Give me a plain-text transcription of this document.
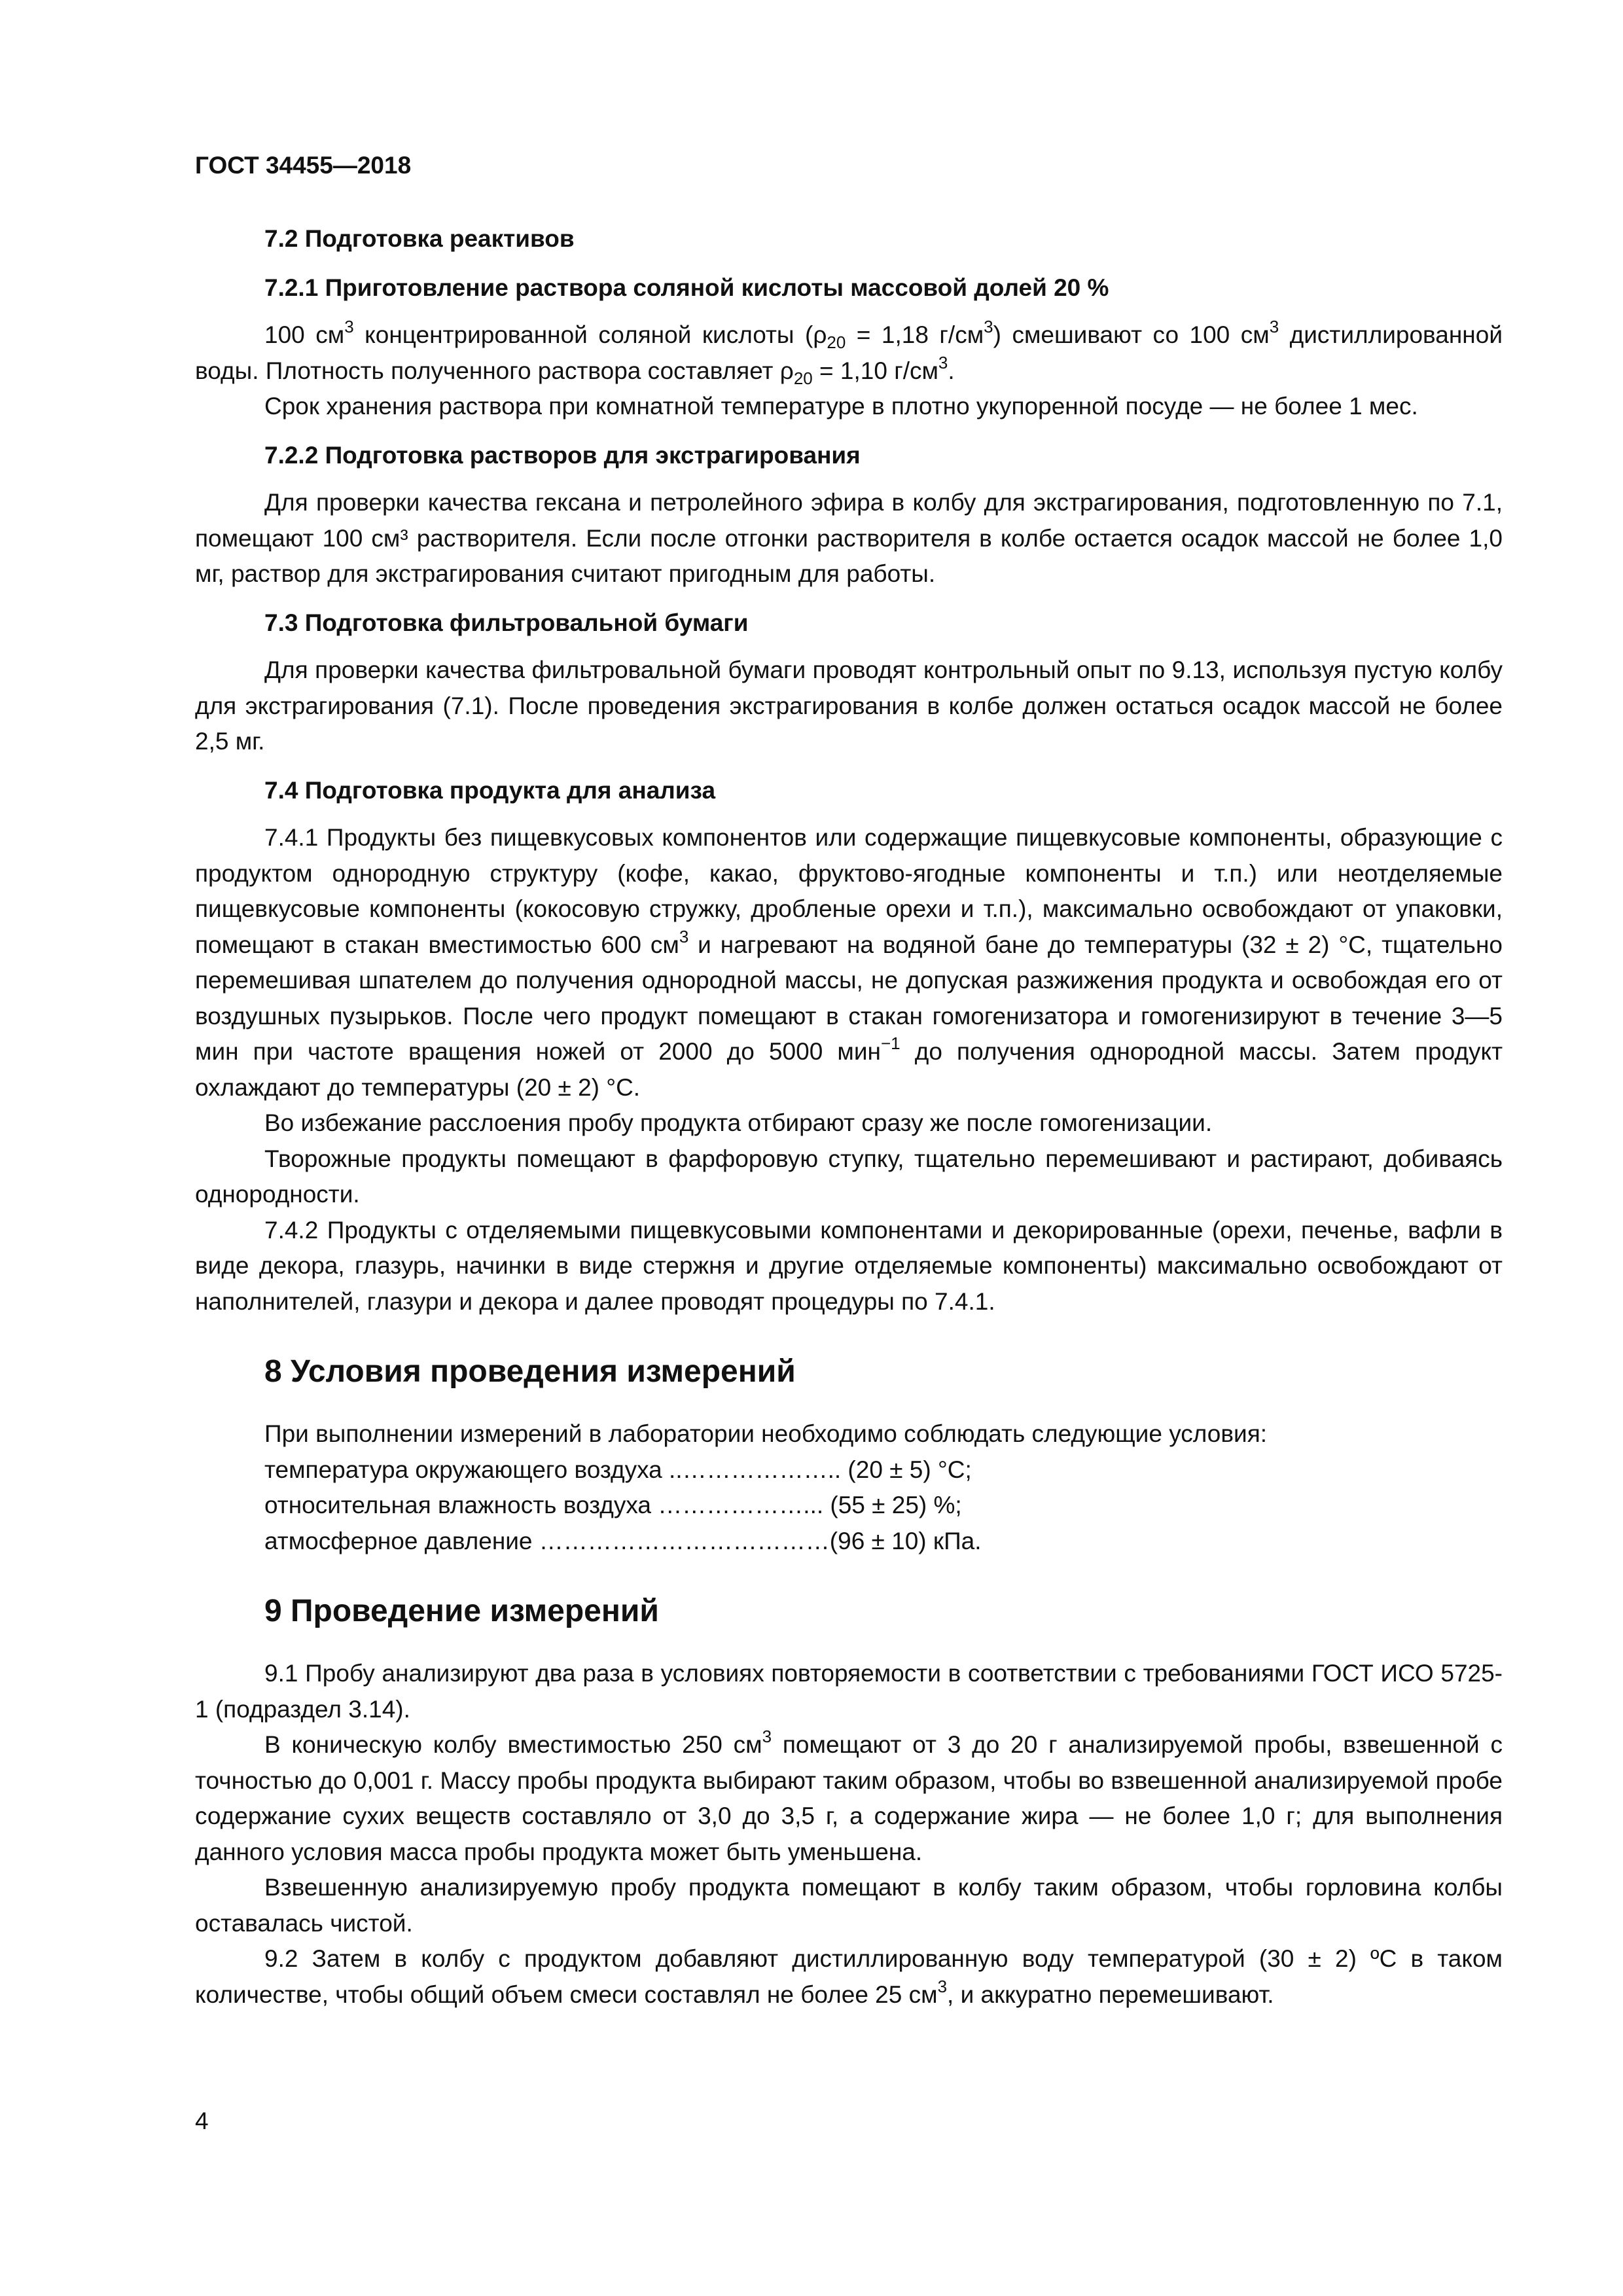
ГОСТ 34455—2018
7.2 Подготовка реактивов
7.2.1 Приготовление раствора соляной кислоты массовой долей 20 %

100 $см^3$ концентрированной соляной кислоты ($\rho_{20} = 1,18$ $г/см^3$) смешивают со 100 $см^3$ дистиллированной воды. Плотность полученного раствора составляет $\rho_{20} = 1,10$ $г/см^3$.

Срок хранения раствора при комнатной температуре в плотно укупоренной посуде — не более 1 мес.

7.2.2 Подготовка растворов для экстрагирования

Для проверки качества гексана и петролейного эфира в колбу для экстрагирования, подготовленную по 7.1, помещают 100 см³ растворителя. Если после отгонки растворителя в колбе остается осадок массой не более 1,0 мг, раствор для экстрагирования считают пригодным для работы.

7.3 Подготовка фильтровальной бумаги

Для проверки качества фильтровальной бумаги проводят контрольный опыт по 9.13, используя пустую колбу для экстрагирования (7.1). После проведения экстрагирования в колбе должен остаться осадок массой не более 2,5 мг.

7.4 Подготовка продукта для анализа

7.4.1 Продукты без пищевкусовых компонентов или содержащие пищевкусовые компоненты, образующие с продуктом однородную структуру (кофе, какао, фруктово-ягодные компоненты и т.п.) или неотделяемые пищевкусовые компоненты (кокосовую стружку, дробленые орехи и т.п.), максимально освобождают от упаковки, помещают в стакан вместимостью 600 $см^3$ и нагревают на водяной бане до температуры (32 ± 2) °С, тщательно перемешивая шпателем до получения однородной массы, не допуская разжижения продукта и освобождая его от воздушных пузырьков. После чего продукт помещают в стакан гомогенизатора и гомогенизируют в течение 3—5 мин при частоте вращения ножей от 2000 до 5000 мин$^{-1}$ до получения однородной массы. Затем продукт охлаждают до температуры (20 ± 2) °С.

Во избежание расслоения пробу продукта отбирают сразу же после гомогенизации.

Творожные продукты помещают в фарфоровую ступку, тщательно перемешивают и растирают, добиваясь однородности.

7.4.2 Продукты с отделяемыми пищевкусовыми компонентами и декорированные (орехи, печенье, вафли в виде декора, глазурь, начинки в виде стержня и другие отделяемые компоненты) максимально освобождают от наполнителей, глазури и декора и далее проводят процедуры по 7.4.1.

8 Условия проведения измерений

При выполнении измерений в лаборатории необходимо соблюдать следующие условия:

температура окружающего воздуха ..……………….. (20 ± 5) °С;

относительная влажность воздуха ………………... (55 ± 25) %;

атмосферное давление ………………………………(96 ± 10) кПа.

9 Проведение измерений

9.1 Пробу анализируют два раза в условиях повторяемости в соответствии с требованиями ГОСТ ИСО 5725-1 (подраздел 3.14).

В коническую колбу вместимостью 250 $см^3$ помещают от 3 до 20 г анализируемой пробы, взвешенной с точностью до 0,001 г. Массу пробы продукта выбирают таким образом, чтобы во взвешенной анализируемой пробе содержание сухих веществ составляло от 3,0 до 3,5 г, а содержание жира — не более 1,0 г; для выполнения данного условия масса пробы продукта может быть уменьшена.

Взвешенную анализируемую пробу продукта помещают в колбу таким образом, чтобы горловина колбы оставалась чистой.

9.2 Затем в колбу с продуктом добавляют дистиллированную воду температурой (30 ± 2) ºС в таком количестве, чтобы общий объем смеси составлял не более 25 $см^3$, и аккуратно перемешивают.

4
